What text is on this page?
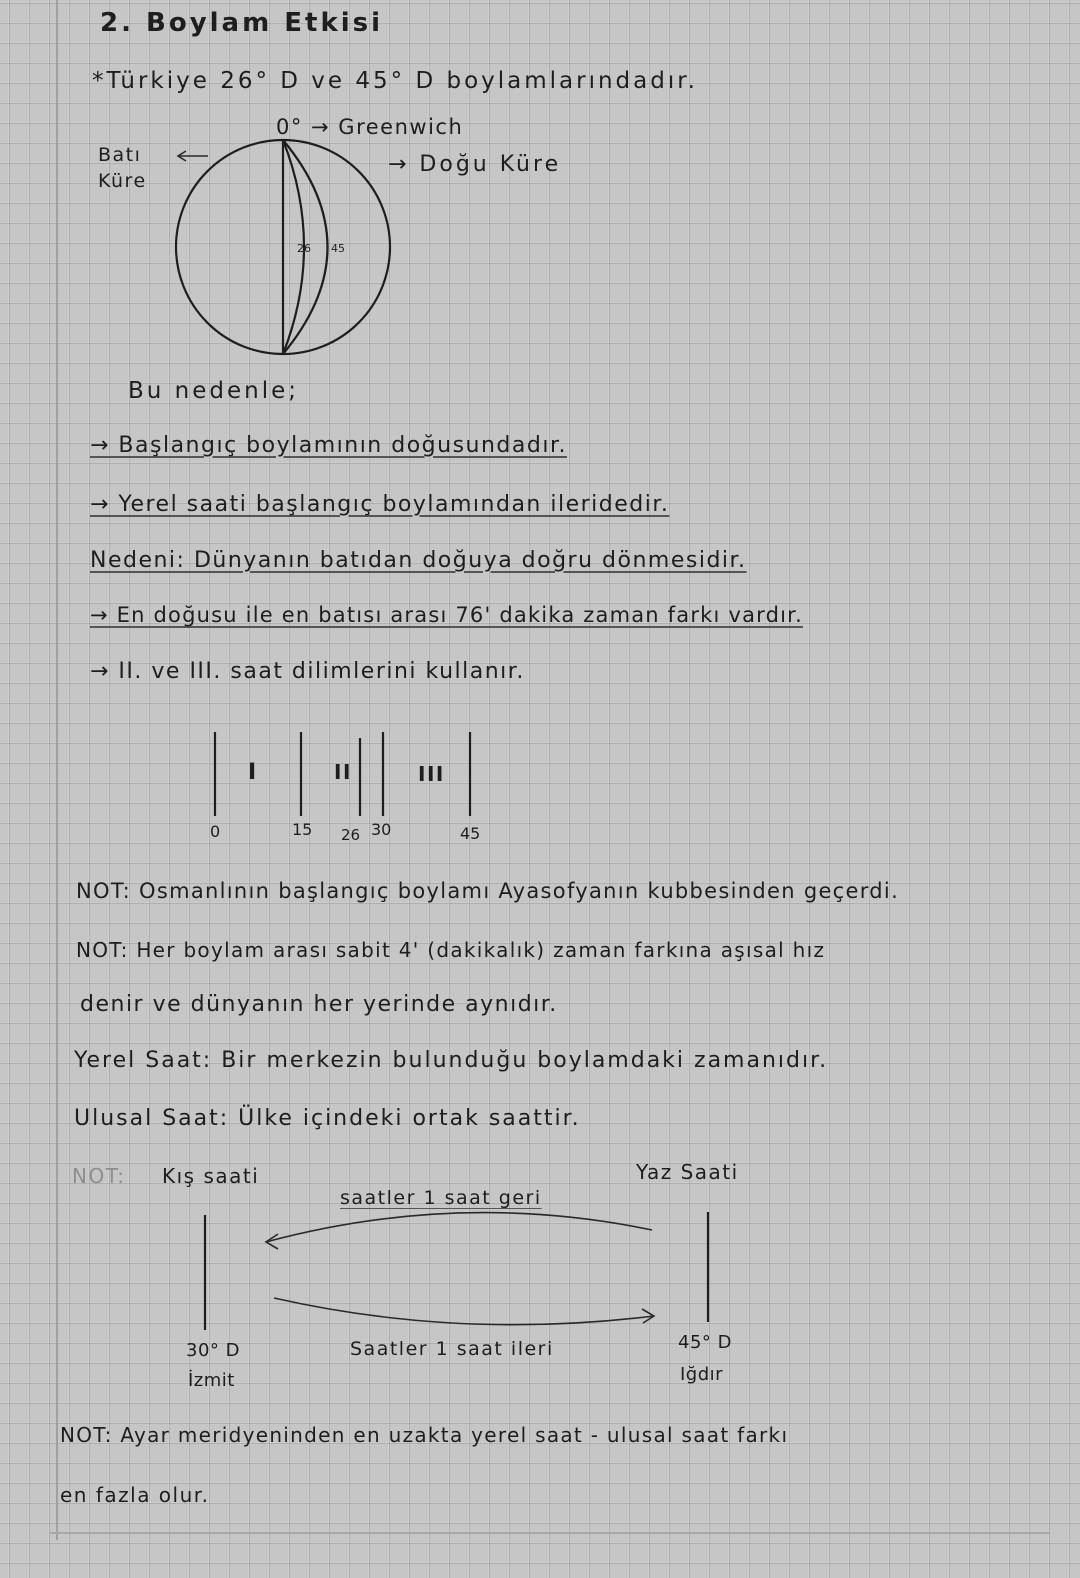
2. Boylam Etkisi
*Türkiye 26° D ve 45° D boylamlarındadır.
0° → Greenwich
Batı Küre
→ Doğu Küre
26 45
Bu nedenle;
→ Başlangıç boylamının doğusundadır.
→ Yerel saati başlangıç boylamından ileridedir.
Nedeni: Dünyanın batıdan doğuya doğru dönmesidir.
→ En doğusu ile en batısı arası 76' dakika zaman farkı vardır.
→ II. ve III. saat dilimlerini kullanır.
I	II	III
0	15 26 30	45
NOT: Osmanlının başlangıç boylamı Ayasofyanın kubbesinden geçerdi.
NOT: Her boylam arası sabit 4' (dakikalık) zaman farkına aşısal hız
denir ve dünyanın her yerinde aynıdır.
Yerel Saat: Bir merkezin bulunduğu boylamdaki zamanıdır.
Ulusal Saat: Ülke içindeki ortak saattir.
NOT: Kış saati	Yaz Saati
saatler 1 saat geri
Saatler 1 saat ileri
30° D
İzmit
45° D
Iğdır
NOT: Ayar meridyeninden en uzakta yerel saat - ulusal saat farkı
en fazla olur.
